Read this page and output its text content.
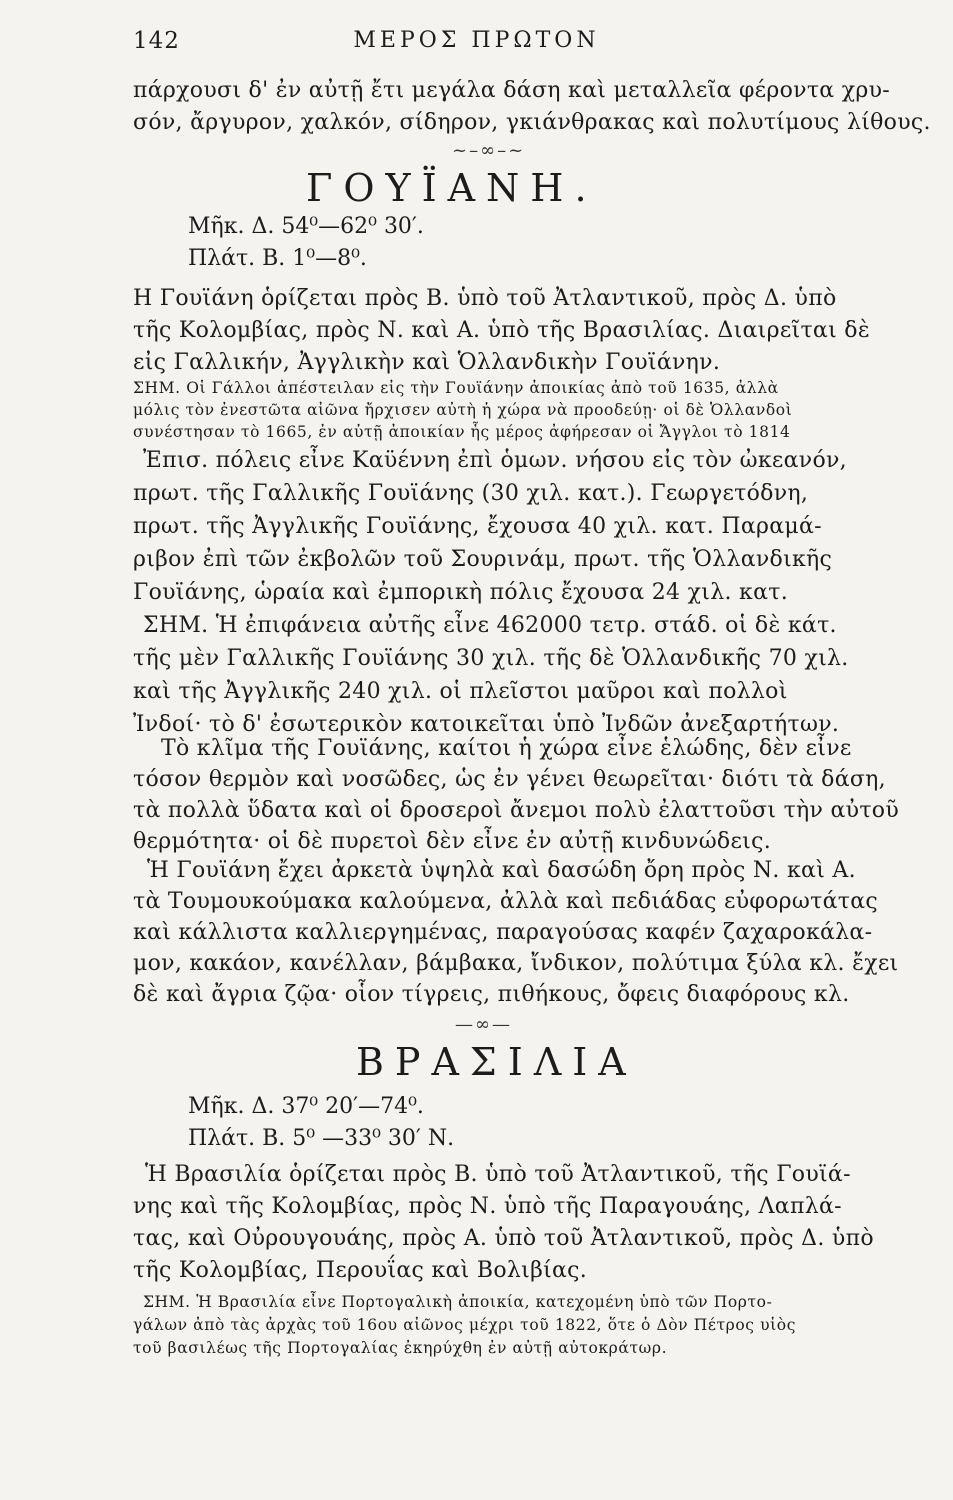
142	ΜΕΡΟΣ ΠΡΩΤΟΝ
πάρχουσι δ' ἐν αὐτῇ ἔτι μεγάλα δάση καὶ μεταλλεῖα φέροντα χρυ-
σόν, ἄργυρον, χαλκόν, σίδηρον, γκιάνθρακας καὶ πολυτίμους λίθους.
~–∞–~
ΓΟΥΪΑΝΗ.
Μῆκ. Δ. 54⁰—62⁰ 30′.
Πλάτ. Β. 1⁰—8⁰.
Η Γουϊάνη ὁρίζεται πρὸς Β. ὑπὸ τοῦ Ἀτλαντικοῦ, πρὸς Δ. ὑπὸ
τῆς Κολομβίας, πρὸς Ν. καὶ Α. ὑπὸ τῆς Βρασιλίας. Διαιρεῖται δὲ
εἰς Γαλλικήν, Ἀγγλικὴν καὶ Ὁλλανδικὴν Γουϊάνην.
ΣΗΜ. Οἱ Γάλλοι ἀπέστειλαν εἰς τὴν Γουϊάνην ἀποικίας ἀπὸ τοῦ 1635, ἀλλὰ
μόλις τὸν ἐνεστῶτα αἰῶνα ἤρχισεν αὐτὴ ἡ χώρα νὰ προοδεύῃ· οἱ δὲ Ὁλλανδοὶ
συνέστησαν τὸ 1665, ἐν αὐτῇ ἀποικίαν ἧς μέρος ἀφήρεσαν οἱ Ἄγγλοι τὸ 1814
Ἐπισ. πόλεις εἶνε Καϋέννη ἐπὶ ὁμων. νήσου εἰς τὸν ὠκεανόν,
πρωτ. τῆς Γαλλικῆς Γουϊάνης (30 χιλ. κατ.). Γεωργετόδνη,
πρωτ. τῆς Ἀγγλικῆς Γουϊάνης, ἔχουσα 40 χιλ. κατ. Παραμά-
ριβον ἐπὶ τῶν ἐκβολῶν τοῦ Σουρινάμ, πρωτ. τῆς Ὁλλανδικῆς
Γουϊάνης, ὡραία καὶ ἐμπορικὴ πόλις ἔχουσα 24 χιλ. κατ.
ΣΗΜ. Ἡ ἐπιφάνεια αὐτῆς εἶνε 462000 τετρ. στάδ. οἱ δὲ κάτ.
τῆς μὲν Γαλλικῆς Γουϊάνης 30 χιλ. τῆς δὲ Ὁλλανδικῆς 70 χιλ.
καὶ τῆς Ἀγγλικῆς 240 χιλ. οἱ πλεῖστοι μαῦροι καὶ πολλοὶ
Ἰνδοί· τὸ δ' ἐσωτερικὸν κατοικεῖται ὑπὸ Ἰνδῶν ἀνεξαρτήτων.
Τὸ κλῖμα τῆς Γουϊάνης, καίτοι ἡ χώρα εἶνε ἑλώδης, δὲν εἶνε
τόσον θερμὸν καὶ νοσῶδες, ὡς ἐν γένει θεωρεῖται· διότι τὰ δάση,
τὰ πολλὰ ὕδατα καὶ οἱ δροσεροὶ ἄνεμοι πολὺ ἐλαττοῦσι τὴν αὐτοῦ
θερμότητα· οἱ δὲ πυρετοὶ δὲν εἶνε ἐν αὐτῇ κινδυνώδεις.
Ἡ Γουϊάνη ἔχει ἀρκετὰ ὑψηλὰ καὶ δασώδη ὄρη πρὸς Ν. καὶ Α.
τὰ Τουμουκούμακα καλούμενα, ἀλλὰ καὶ πεδιάδας εὐφορωτάτας
καὶ κάλλιστα καλλιεργημένας, παραγούσας καφέν ζαχαροκάλα-
μον, κακάον, κανέλλαν, βάμβακα, ἴνδικον, πολύτιμα ξύλα κλ. ἔχει
δὲ καὶ ἄγρια ζῷα· οἷον τίγρεις, πιθήκους, ὄφεις διαφόρους κλ.
—∞—
ΒΡΑΣΙΛΙΑ
Μῆκ. Δ. 37⁰ 20′—74⁰.
Πλάτ. Β. 5⁰ —33⁰ 30′ Ν.
Ἡ Βρασιλία ὁρίζεται πρὸς Β. ὑπὸ τοῦ Ἀτλαντικοῦ, τῆς Γουϊά-
νης καὶ τῆς Κολομβίας, πρὸς Ν. ὑπὸ τῆς Παραγουάης, Λαπλά-
τας, καὶ Οὐρουγουάης, πρὸς Α. ὑπὸ τοῦ Ἀτλαντικοῦ, πρὸς Δ. ὑπὸ
τῆς Κολομβίας, Περουΐας καὶ Βολιβίας.
ΣΗΜ. Ἡ Βρασιλία εἶνε Πορτογαλικὴ ἀποικία, κατεχομένη ὑπὸ τῶν Πορτο-
γάλων ἀπὸ τὰς ἀρχὰς τοῦ 16ου αἰῶνος μέχρι τοῦ 1822, ὅτε ὁ Δὸν Πέτρος υἱὸς
τοῦ βασιλέως τῆς Πορτογαλίας ἐκηρύχθη ἐν αὐτῇ αὐτοκράτωρ.
